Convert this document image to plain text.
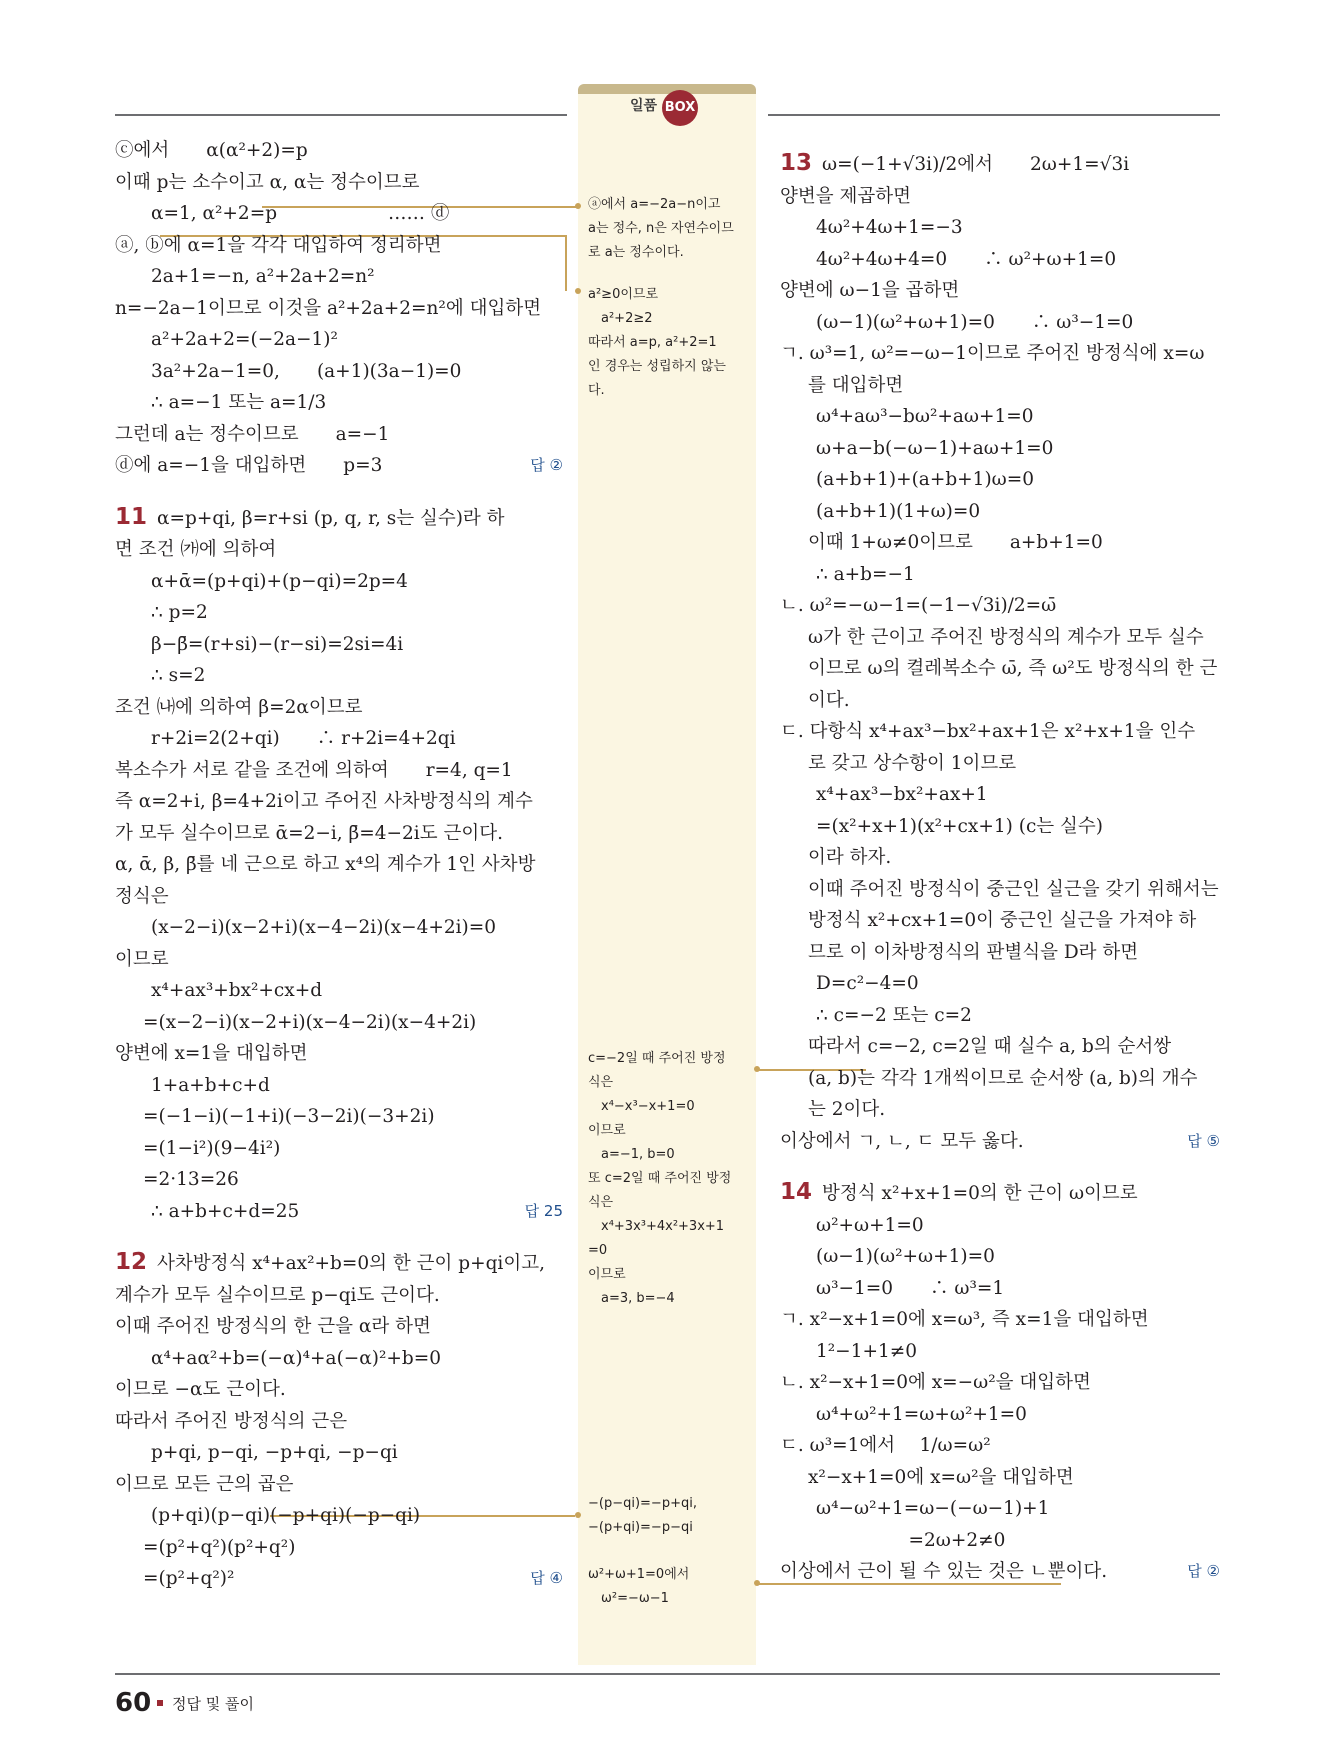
일품 BOX
ⓒ에서　　α(α²+2)=p
이때 p는 소수이고 α, α는 정수이므로
α=1, α²+2=p　　　　　　…… ⓓ
ⓐ, ⓑ에 α=1을 각각 대입하여 정리하면
2a+1=−n, a²+2a+2=n²
n=−2a−1이므로 이것을 a²+2a+2=n²에 대입하면
a²+2a+2=(−2a−1)²
3a²+2a−1=0,　　(a+1)(3a−1)=0
∴ a=−1 또는 a=1/3
그런데 a는 정수이므로　　a=−1
답 ②
ⓓ에 a=−1을 대입하면　　p=3
11 α=p+qi, β=r+si (p, q, r, s는 실수)라 하
면 조건 ㈎에 의하여
α+ᾱ=(p+qi)+(p−qi)=2p=4
∴ p=2
β−β̄=(r+si)−(r−si)=2si=4i
∴ s=2
조건 ㈏에 의하여 β=2α이므로
r+2i=2(2+qi)　　∴ r+2i=4+2qi
복소수가 서로 같을 조건에 의하여　　r=4, q=1
즉 α=2+i, β=4+2i이고 주어진 사차방정식의 계수
가 모두 실수이므로 ᾱ=2−i, β̄=4−2i도 근이다.
α, ᾱ, β, β̄를 네 근으로 하고 x⁴의 계수가 1인 사차방
정식은
(x−2−i)(x−2+i)(x−4−2i)(x−4+2i)=0
이므로
x⁴+ax³+bx²+cx+d
=(x−2−i)(x−2+i)(x−4−2i)(x−4+2i)
양변에 x=1을 대입하면
1+a+b+c+d
=(−1−i)(−1+i)(−3−2i)(−3+2i)
=(1−i²)(9−4i²)
=2·13=26
답 25
∴ a+b+c+d=25
12 사차방정식 x⁴+ax²+b=0의 한 근이 p+qi이고,
계수가 모두 실수이므로 p−qi도 근이다.
이때 주어진 방정식의 한 근을 α라 하면
α⁴+aα²+b=(−α)⁴+a(−α)²+b=0
이므로 −α도 근이다.
따라서 주어진 방정식의 근은
p+qi, p−qi, −p+qi, −p−qi
이므로 모든 근의 곱은
(p+qi)(p−qi)(−p+qi)(−p−qi)
=(p²+q²)(p²+q²)
답 ④
=(p²+q²)²
ⓐ에서 a=−2a−n이고
a는 정수, n은 자연수이므
로 a는 정수이다.
a²≥0이므로
　a²+2≥2
따라서 a=p, a²+2=1
인 경우는 성립하지 않는
다.
c=−2일 때 주어진 방정
식은
　x⁴−x³−x+1=0
이므로
　a=−1, b=0
또 c=2일 때 주어진 방정
식은
　x⁴+3x³+4x²+3x+1
=0
이므로
　a=3, b=−4
−(p−qi)=−p+qi,
−(p+qi)=−p−qi
ω²+ω+1=0에서
　ω²=−ω−1
13 ω=(−1+√3i)/2에서　　2ω+1=√3i
양변을 제곱하면
4ω²+4ω+1=−3
4ω²+4ω+4=0　　∴ ω²+ω+1=0
양변에 ω−1을 곱하면
(ω−1)(ω²+ω+1)=0　　∴ ω³−1=0
ㄱ. ω³=1, ω²=−ω−1이므로 주어진 방정식에 x=ω
를 대입하면
ω⁴+aω³−bω²+aω+1=0
ω+a−b(−ω−1)+aω+1=0
(a+b+1)+(a+b+1)ω=0
(a+b+1)(1+ω)=0
이때 1+ω≠0이므로　　a+b+1=0
∴ a+b=−1
ㄴ. ω²=−ω−1=(−1−√3i)/2=ω̄
ω가 한 근이고 주어진 방정식의 계수가 모두 실수
이므로 ω의 켤레복소수 ω̄, 즉 ω²도 방정식의 한 근
이다.
ㄷ. 다항식 x⁴+ax³−bx²+ax+1은 x²+x+1을 인수
로 갖고 상수항이 1이므로
x⁴+ax³−bx²+ax+1
=(x²+x+1)(x²+cx+1) (c는 실수)
이라 하자.
이때 주어진 방정식이 중근인 실근을 갖기 위해서는
방정식 x²+cx+1=0이 중근인 실근을 가져야 하
므로 이 이차방정식의 판별식을 D라 하면
D=c²−4=0
∴ c=−2 또는 c=2
따라서 c=−2, c=2일 때 실수 a, b의 순서쌍
(a, b)는 각각 1개씩이므로 순서쌍 (a, b)의 개수
는 2이다.
답 ⑤
이상에서 ㄱ, ㄴ, ㄷ 모두 옳다.
14 방정식 x²+x+1=0의 한 근이 ω이므로
ω²+ω+1=0
(ω−1)(ω²+ω+1)=0
ω³−1=0　　∴ ω³=1
ㄱ. x²−x+1=0에 x=ω³, 즉 x=1을 대입하면
1²−1+1≠0
ㄴ. x²−x+1=0에 x=−ω²을 대입하면
ω⁴+ω²+1=ω+ω²+1=0
ㄷ. ω³=1에서　 1/ω=ω²
x²−x+1=0에 x=ω²을 대입하면
ω⁴−ω²+1=ω−(−ω−1)+1
　　　　　=2ω+2≠0
답 ②
이상에서 근이 될 수 있는 것은 ㄴ뿐이다.
60 정답 및 풀이
